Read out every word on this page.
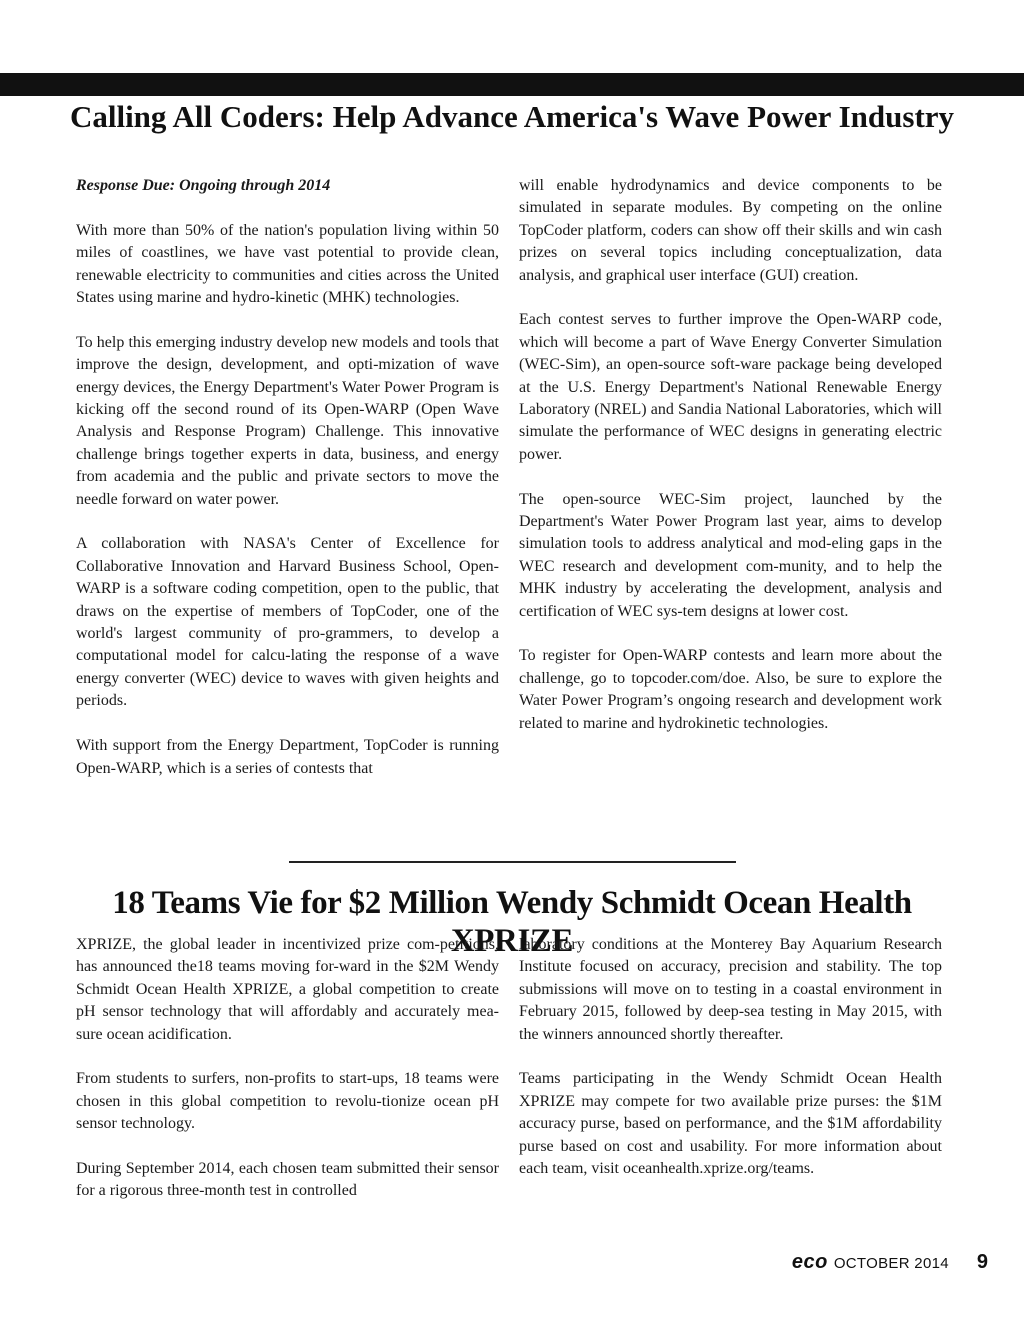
Calling All Coders: Help Advance America's Wave Power Industry

Response Due: Ongoing through 2014

With more than 50% of the nation's population living within 50 miles of coastlines, we have vast potential to provide clean, renewable electricity to communities and cities across the United States using marine and hydro-kinetic (MHK) technologies.

To help this emerging industry develop new models and tools that improve the design, development, and opti-mization of wave energy devices, the Energy Department's Water Power Program is kicking off the second round of its Open-WARP (Open Wave Analysis and Response Program) Challenge. This innovative challenge brings together experts in data, business, and energy from academia and the public and private sectors to move the needle forward on water power.

A collaboration with NASA's Center of Excellence for Collaborative Innovation and Harvard Business School, Open-WARP is a software coding competition, open to the public, that draws on the expertise of members of TopCoder, one of the world's largest community of pro-grammers, to develop a computational model for calcu-lating the response of a wave energy converter (WEC) device to waves with given heights and periods.

With support from the Energy Department, TopCoder is running Open-WARP, which is a series of contests that

will enable hydrodynamics and device components to be simulated in separate modules. By competing on the online TopCoder platform, coders can show off their skills and win cash prizes on several topics including conceptualization, data analysis, and graphical user interface (GUI) creation.

Each contest serves to further improve the Open-WARP code, which will become a part of Wave Energy Converter Simulation (WEC-Sim), an open-source soft-ware package being developed at the U.S. Energy Department's National Renewable Energy Laboratory (NREL) and Sandia National Laboratories, which will simulate the performance of WEC designs in generating electric power.

The open-source WEC-Sim project, launched by the Department's Water Power Program last year, aims to develop simulation tools to address analytical and mod-eling gaps in the WEC research and development com-munity, and to help the MHK industry by accelerating the development, analysis and certification of WEC sys-tem designs at lower cost.

To register for Open-WARP contests and learn more about the challenge, go to topcoder.com/doe. Also, be sure to explore the Water Power Program’s ongoing research and development work related to marine and hydrokinetic technologies.

18 Teams Vie for $2 Million Wendy Schmidt Ocean Health XPRIZE

XPRIZE, the global leader in incentivized prize com-petitions, has announced the18 teams moving for-ward in the $2M Wendy Schmidt Ocean Health XPRIZE, a global competition to create pH sensor technology that will affordably and accurately mea-sure ocean acidification.

From students to surfers, non-profits to start-ups, 18 teams were chosen in this global competition to revolu-tionize ocean pH sensor technology.

During September 2014, each chosen team submitted their sensor for a rigorous three-month test in controlled

laboratory conditions at the Monterey Bay Aquarium Research Institute focused on accuracy, precision and stability. The top submissions will move on to testing in a coastal environment in February 2015, followed by deep-sea testing in May 2015, with the winners announced shortly thereafter.

Teams participating in the Wendy Schmidt Ocean Health XPRIZE may compete for two available prize purses: the $1M accuracy purse, based on performance, and the $1M affordability purse based on cost and usability. For more information about each team, visit oceanhealth.xprize.org/teams.

eco OCTOBER 2014 9
